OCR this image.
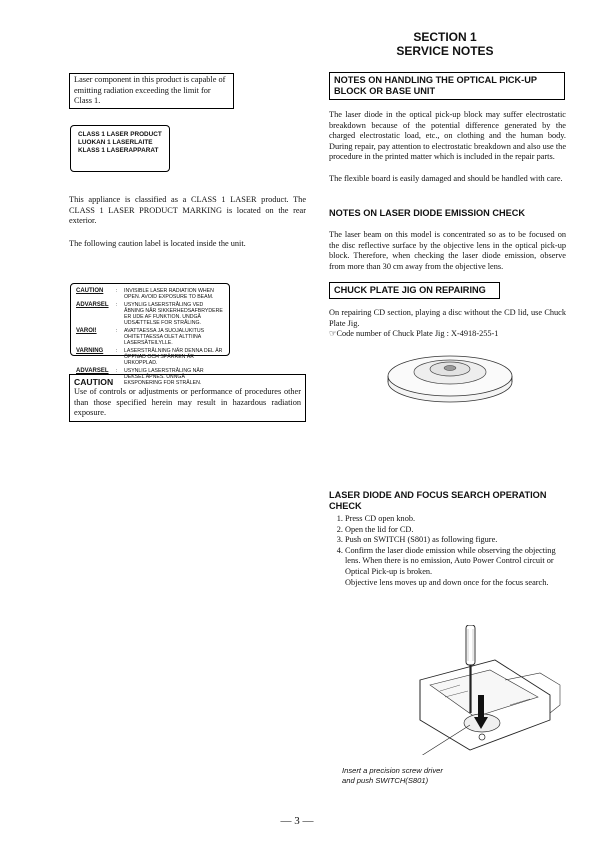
SECTION 1
SERVICE NOTES
Laser component in this product is capable of emitting radiation exceeding the limit for Class 1.
CLASS 1 LASER PRODUCT
LUOKAN 1 LASERLAITE
KLASS 1 LASERAPPARAT
This appliance is classified as a CLASS 1 LASER product. The CLASS 1 LASER PRODUCT MARKING is located on the rear exterior.
The following caution label is located inside the unit.
CAUTION	:	INVISIBLE LASER RADIATION WHEN OPEN. AVOID EXPOSURE TO BEAM.
ADVARSEL	:	USYNLIG LASERSTRÅLING VED ÅBNING NÅR SIKKERHEDSAFBRYDERE ER UDE AF FUNKTION. UNDGÅ UDSÆTTELSE FOR STRÅLING.
VAROI!	:	AVATTAESSA JA SUOJALUKITUS OHITETTAESSA OLET ALTTIINA LASERSÄTEILYLLE.
VARNING	:	LASERSTRÅLNING NÄR DENNA DEL ÄR ÖPPNAD OCH SPÄRREN ÄR URKOPPLAD.
ADVARSEL	:	USYNLIG LASERSTRÅLING NÅR DEKSEL ÅPNES. UNNGÅ EKSPONERING FOR STRÅLEN.
CAUTION
Use of controls or adjustments or performance of procedures other than those specified herein may result in hazardous radiation exposure.
NOTES ON HANDLING THE OPTICAL PICK-UP BLOCK OR BASE UNIT
The laser diode in the optical pick-up block may suffer electrostatic breakdown because of the potential difference generated by the charged electrostatic load, etc., on clothing and the human body. During repair, pay attention to electrostatic breakdown and also use the procedure in the printed matter which is included in the repair parts.
The flexible board is easily damaged and should be handled with care.
NOTES ON LASER DIODE EMISSION CHECK
The laser beam on this model is concentrated so as to be focused on the disc reflective surface by the objective lens in the optical pick-up block. Therefore, when checking the laser diode emission, observe from more than 30 cm away from the objective lens.
CHUCK PLATE JIG ON REPAIRING
On repairing CD section, playing a disc without the CD lid, use Chuck Plate Jig.
☞Code number of Chuck Plate Jig : X-4918-255-1
LASER DIODE AND FOCUS SEARCH OPERATION CHECK
1. Press CD open knob.
2. Open the lid for CD.
3. Push on SWITCH (S801) as following figure.
4. Confirm the laser diode emission while observing the objecting lens. When there is no emission, Auto Power Control circuit or Optical Pick-up is broken.
Objective lens moves up and down once for the focus search.
Insert a precision screw driver
and push SWITCH(S801)
— 3 —
